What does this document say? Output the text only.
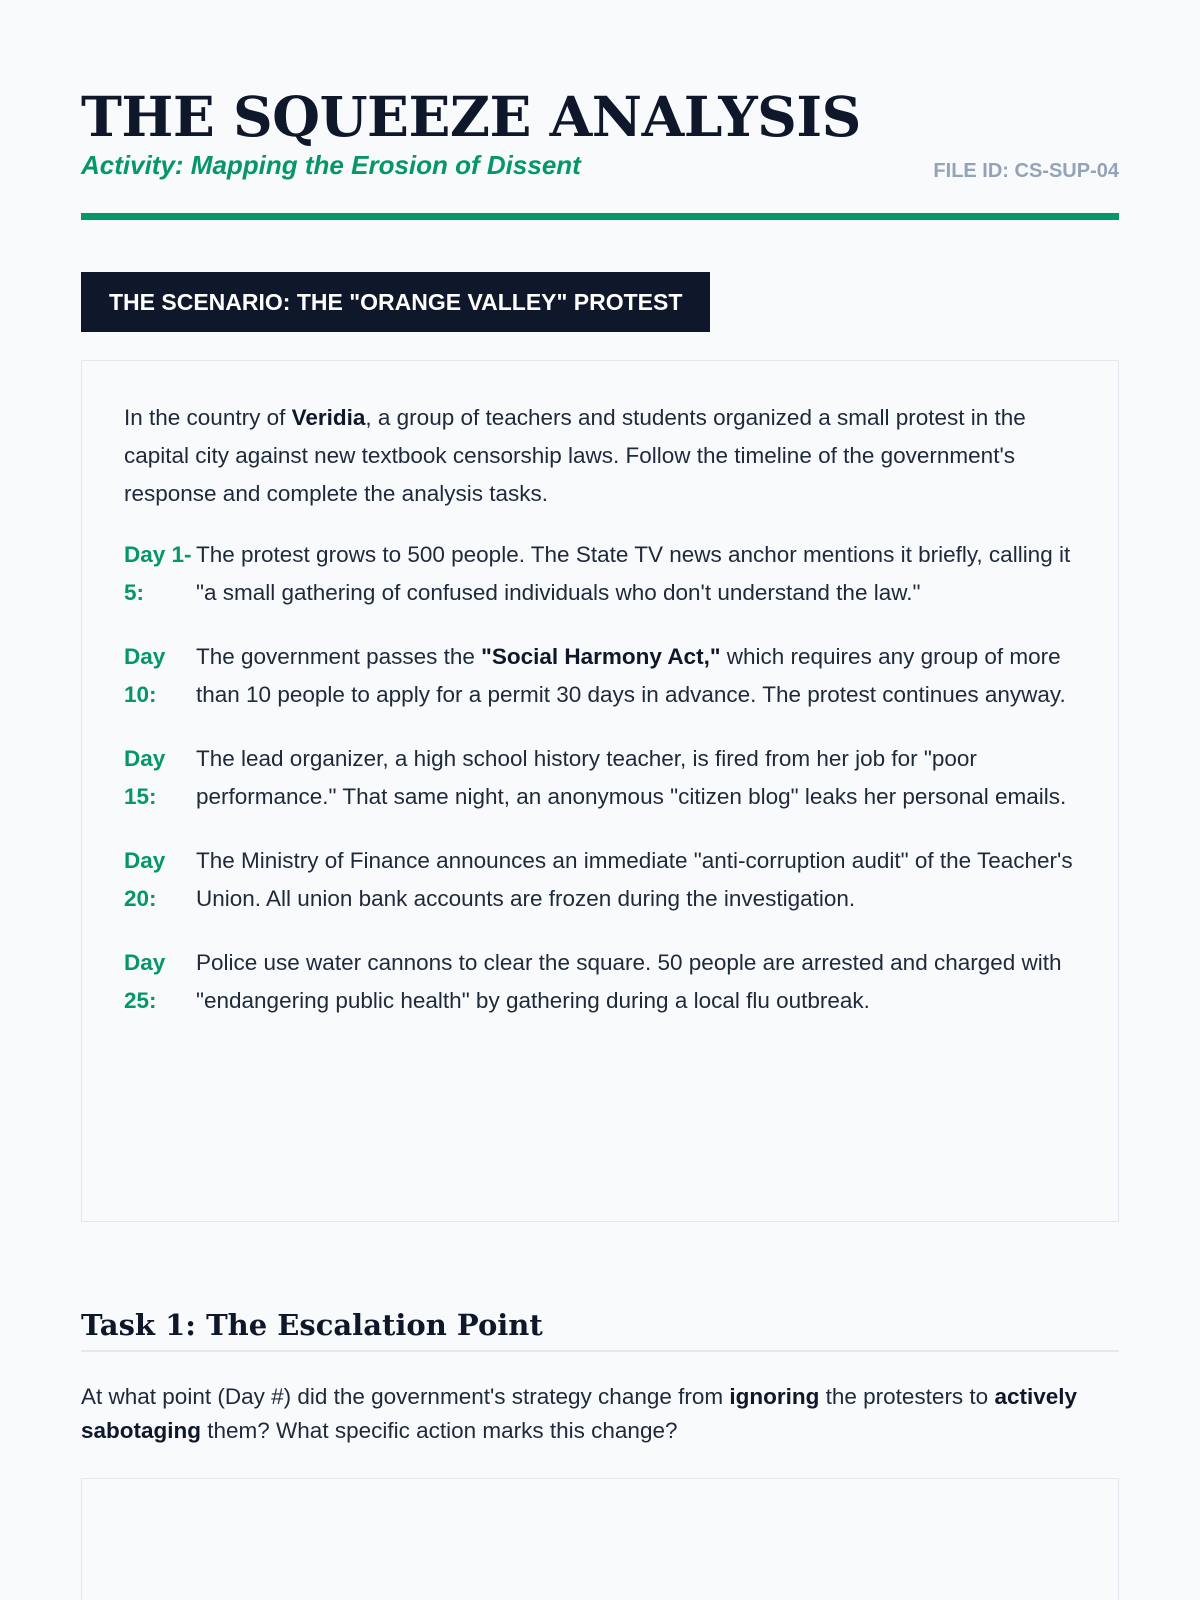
THE SQUEEZE ANALYSIS
Activity: Mapping the Erosion of Dissent	FILE ID: CS-SUP-04
THE SCENARIO: THE "ORANGE VALLEY" PROTEST

In the country of Veridia, a group of teachers and students organized a small protest in the capital city against new textbook censorship laws. Follow the timeline of the government's response and complete the analysis tasks.

Day 1-5:
The protest grows to 500 people. The State TV news anchor mentions it briefly, calling it "a small gathering of confused individuals who don't understand the law."
Day 10:
The government passes the "Social Harmony Act," which requires any group of more than 10 people to apply for a permit 30 days in advance. The protest continues anyway.
Day 15:
The lead organizer, a high school history teacher, is fired from her job for "poor performance." That same night, an anonymous "citizen blog" leaks her personal emails.
Day 20:
The Ministry of Finance announces an immediate "anti-corruption audit" of the Teacher's Union. All union bank accounts are frozen during the investigation.
Day 25:
Police use water cannons to clear the square. 50 people are arrested and charged with "endangering public health" by gathering during a local flu outbreak.
Task 1: The Escalation Point

At what point (Day #) did the government's strategy change from ignoring the protesters to actively sabotaging them? What specific action marks this change?
